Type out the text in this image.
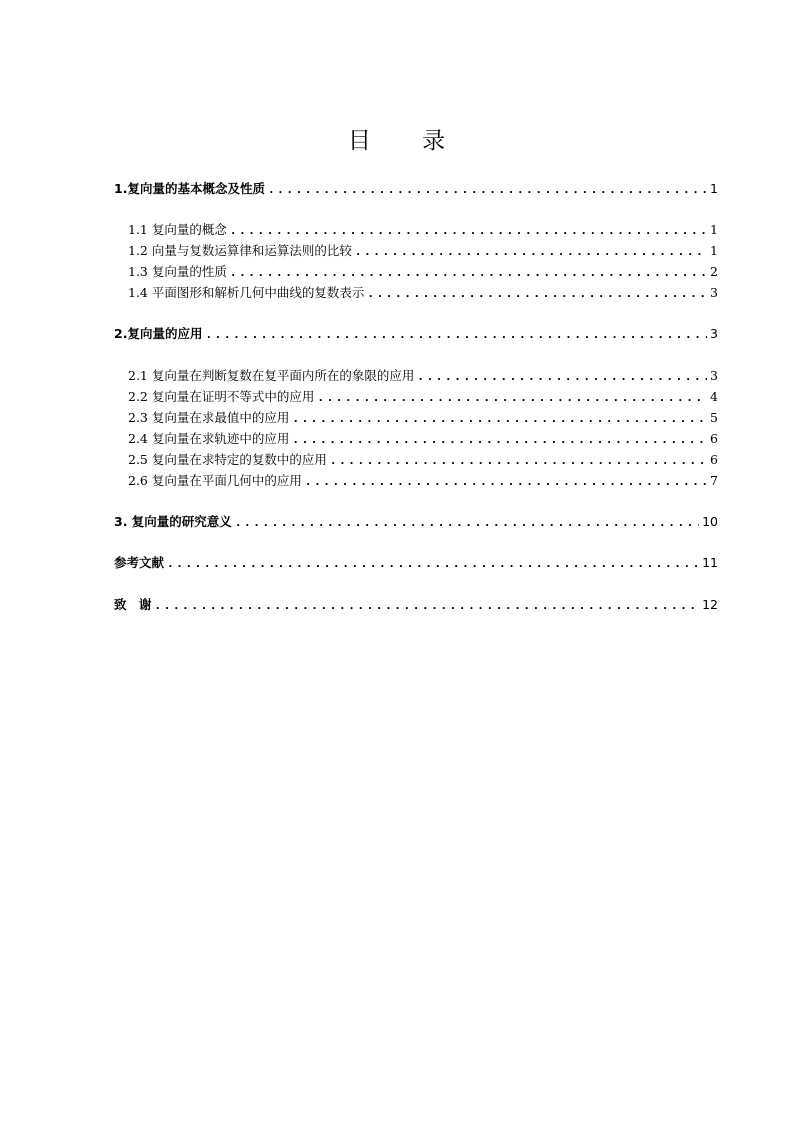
目 录
1.复向量的基本概念及性质 .....	1
1.1 复向量的概念 .....	1
1.2 向量与复数运算律和运算法则的比较 .....	1
1.3 复向量的性质 .....	2
1.4 平面图形和解析几何中曲线的复数表示 .....	3
2.复向量的应用 .....	3
2.1 复向量在判断复数在复平面内所在的象限的应用 .....	3
2.2 复向量在证明不等式中的应用 .....	4
2.3 复向量在求最值中的应用 .....	5
2.4 复向量在求轨迹中的应用 .....	6
2.5 复向量在求特定的复数中的应用 .....	6
2.6 复向量在平面几何中的应用 .....	7
3. 复向量的研究意义 .....	10
参考文献 .....	11
致　谢 .....	12
